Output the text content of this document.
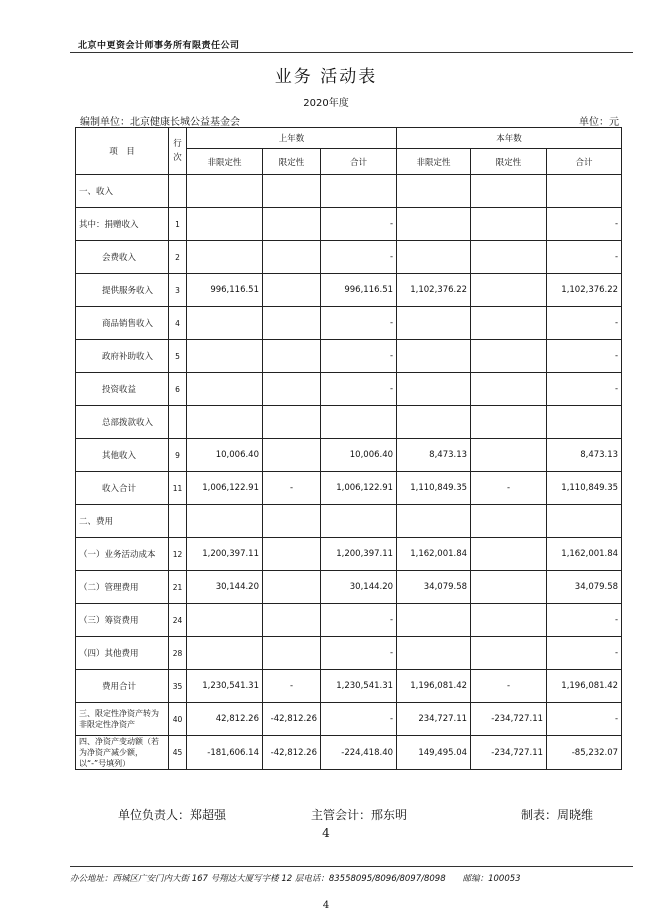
北京中更资会计师事务所有限责任公司
业务 活动表
2020年度
编制单位：北京健康长城公益基金会	单位：元
项　目	行次	上年数			本年数		
		非限定性	限定性	合计	非限定性	限定性	合计
一、收入							
其中：捐赠收入	1			-			-
会费收入	2			-			-
提供服务收入	3	996,116.51		996,116.51	1,102,376.22		1,102,376.22
商品销售收入	4			-			-
政府补助收入	5			-			-
投资收益	6			-			-
总部拨款收入							
其他收入	9	10,006.40		10,006.40	8,473.13		8,473.13
收入合计	11	1,006,122.91	-	1,006,122.91	1,110,849.35	-	1,110,849.35
二、费用							
（一）业务活动成本	12	1,200,397.11		1,200,397.11	1,162,001.84		1,162,001.84
（二）管理费用	21	30,144.20		30,144.20	34,079.58		34,079.58
（三）筹资费用	24			-			-
（四）其他费用	28			-			-
费用合计	35	1,230,541.31	-	1,230,541.31	1,196,081.42	-	1,196,081.42
三、限定性净资产转为非限定性净资产	40	42,812.26	-42,812.26	-	234,727.11	-234,727.11	-
四、净资产变动额（若为净资产减少额，以“-”号填列）	45	-181,606.14	-42,812.26	-224,418.40	149,495.04	-234,727.11	-85,232.07
单位负责人：郑超强	主管会计：邢东明	制表：周晓维
4
办公地址：西城区广安门内大街 167 号翔达大厦写字楼 12 层电话：83558095/8096/8097/8098　　邮编：100053
4
